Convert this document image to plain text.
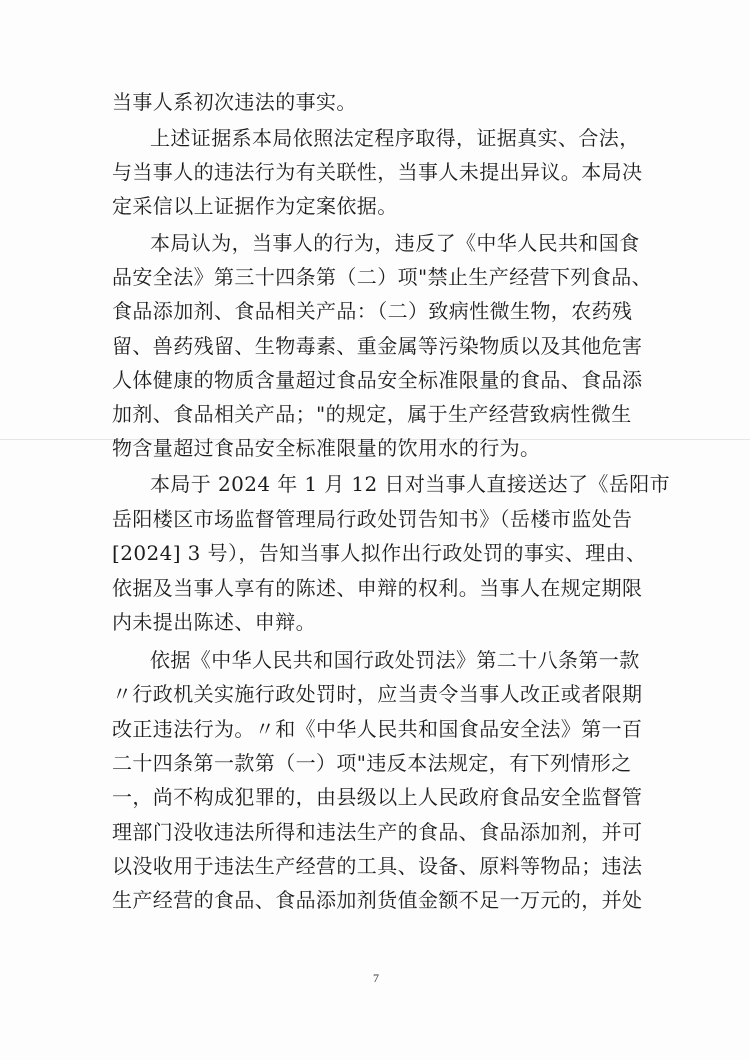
当事人系初次违法的事实。
上述证据系本局依照法定程序取得，证据真实、合法，
与当事人的违法行为有关联性，当事人未提出异议。本局决
定采信以上证据作为定案依据。
本局认为，当事人的行为，违反了《中华人民共和国食
品安全法》第三十四条第（二）项"禁止生产经营下列食品、
食品添加剂、食品相关产品：（二）致病性微生物，农药残
留、兽药残留、生物毒素、重金属等污染物质以及其他危害
人体健康的物质含量超过食品安全标准限量的食品、食品添
加剂、食品相关产品；"的规定，属于生产经营致病性微生
物含量超过食品安全标准限量的饮用水的行为。
本局于 2024 年 1 月 12 日对当事人直接送达了《岳阳市
岳阳楼区市场监督管理局行政处罚告知书》（岳楼市监处告
[2024] 3 号），告知当事人拟作出行政处罚的事实、理由、
依据及当事人享有的陈述、申辩的权利。当事人在规定期限
内未提出陈述、申辩。
依据《中华人民共和国行政处罚法》第二十八条第一款
〃行政机关实施行政处罚时，应当责令当事人改正或者限期
改正违法行为。〃和《中华人民共和国食品安全法》第一百
二十四条第一款第（一）项"违反本法规定，有下列情形之
一，尚不构成犯罪的，由县级以上人民政府食品安全监督管
理部门没收违法所得和违法生产的食品、食品添加剂，并可
以没收用于违法生产经营的工具、设备、原料等物品；违法
生产经营的食品、食品添加剂货值金额不足一万元的，并处
7
